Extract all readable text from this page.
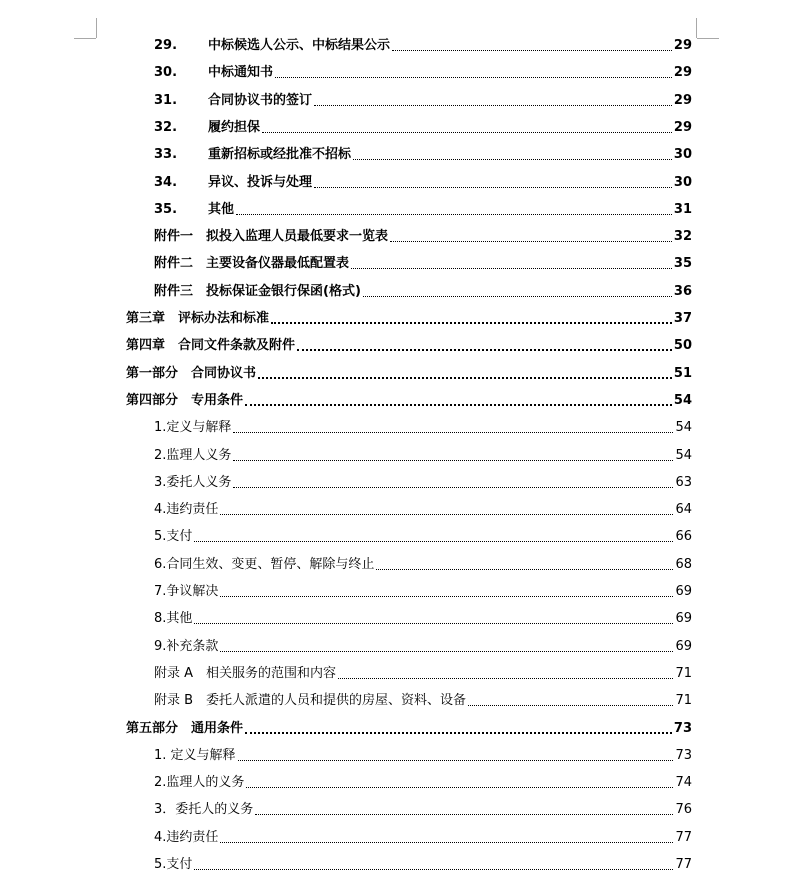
29.	中标候选人公示、中标结果公示	29
30.	中标通知书	29
31.	合同协议书的签订	29
32.	履约担保	29
33.	重新招标或经批准不招标	30
34.	异议、投诉与处理	30
35.	其他	31
附件一　拟投入监理人员最低要求一览表	32
附件二　主要设备仪器最低配置表	35
附件三　投标保证金银行保函(格式)	36
第三章　评标办法和标准	37
第四章　合同文件条款及附件	50
第一部分　合同协议书	51
第四部分　专用条件	54
1.定义与解释	54
2.监理人义务	54
3.委托人义务	63
4.违约责任	64
5.支付	66
6.合同生效、变更、暂停、解除与终止	68
7.争议解决	69
8.其他	69
9.补充条款	69
附录 A　相关服务的范围和内容	71
附录 B　委托人派遣的人员和提供的房屋、资料、设备	71
第五部分　通用条件	73
1. 定义与解释	73
2.监理人的义务	74
3．委托人的义务	76
4.违约责任	77
5.支付	77
